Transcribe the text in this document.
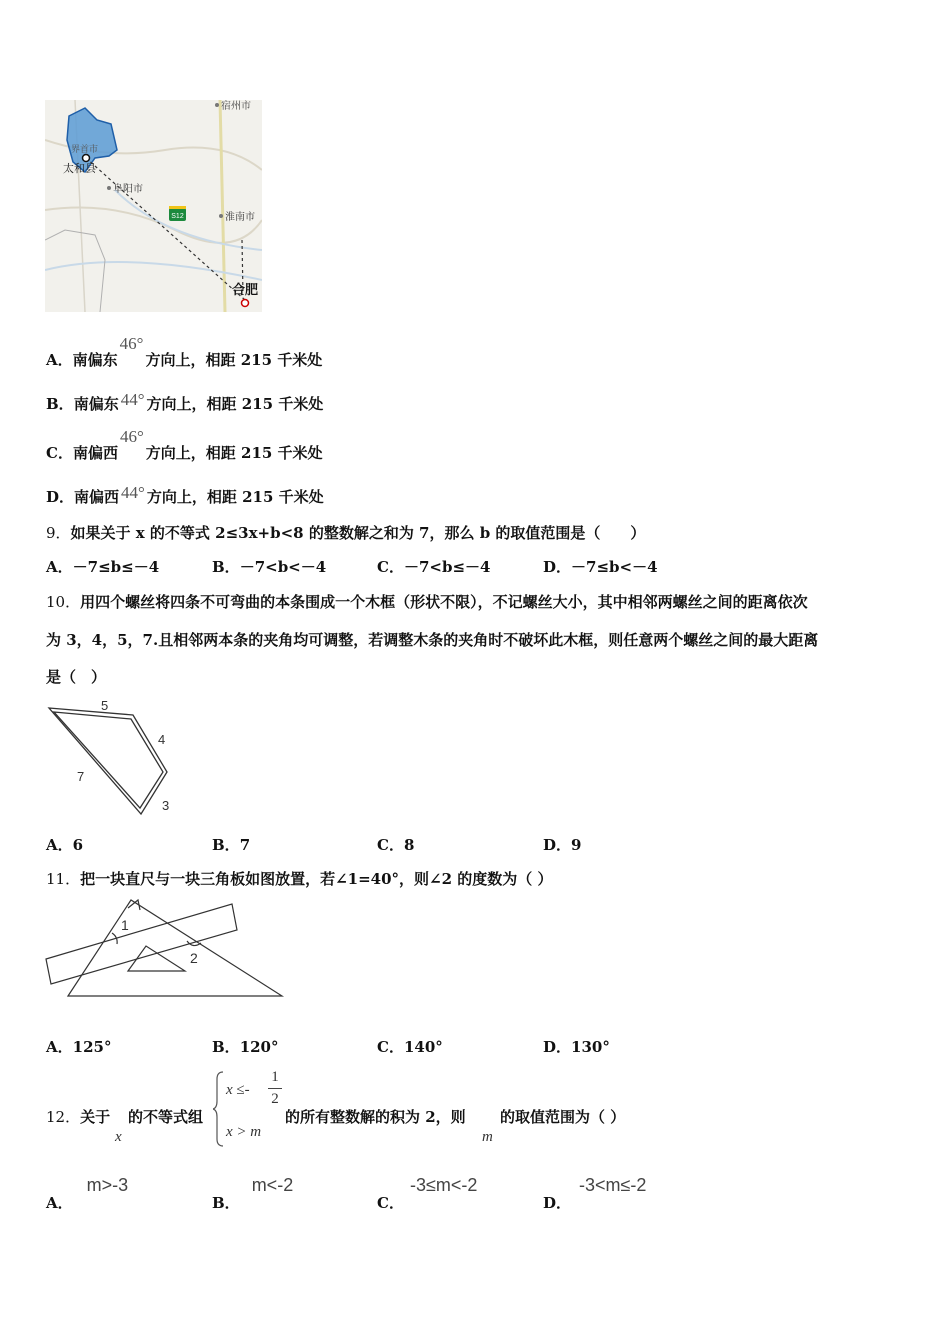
S12
宿州市
界首市
太和县
阜阳市
淮南市
合肥
A．南偏东46°方向上，相距 215 千米处
B．南偏东 44° 方向上，相距 215 千米处
C．南偏西46°方向上，相距 215 千米处
D．南偏西 44° 方向上，相距 215 千米处
9．如果关于 x 的不等式 2≤3x+b<8 的整数解之和为 7，那么 b 的取值范围是（　　）
A．－7≤b≤－4	B．－7<b<－4	C．－7<b≤－4	D．－7≤b<－4
10．用四个螺丝将四条不可弯曲的本条围成一个木框（形状不限），不记螺丝大小，其中相邻两螺丝之间的距离依次
为 3，4，5，7.且相邻两本条的夹角均可调整，若调整木条的夹角时不破坏此木框，则任意两个螺丝之间的最大距离
是（　）
5
4
7
3
A．6	B．7	C．8	D．9
11．把一块直尺与一块三角板如图放置，若∠1=40°，则∠2 的度数为（ ）
1
2
A．125°	B．120°	C．140°	D．130°
12．关于
x
的不等式组
x ≤-
1
2
x > m
的所有整数解的积为 2，则
m
的取值范围为（ ）
A．m>-3
B．m<-2
C．-3≤m<-2
D．-3<m≤-2
